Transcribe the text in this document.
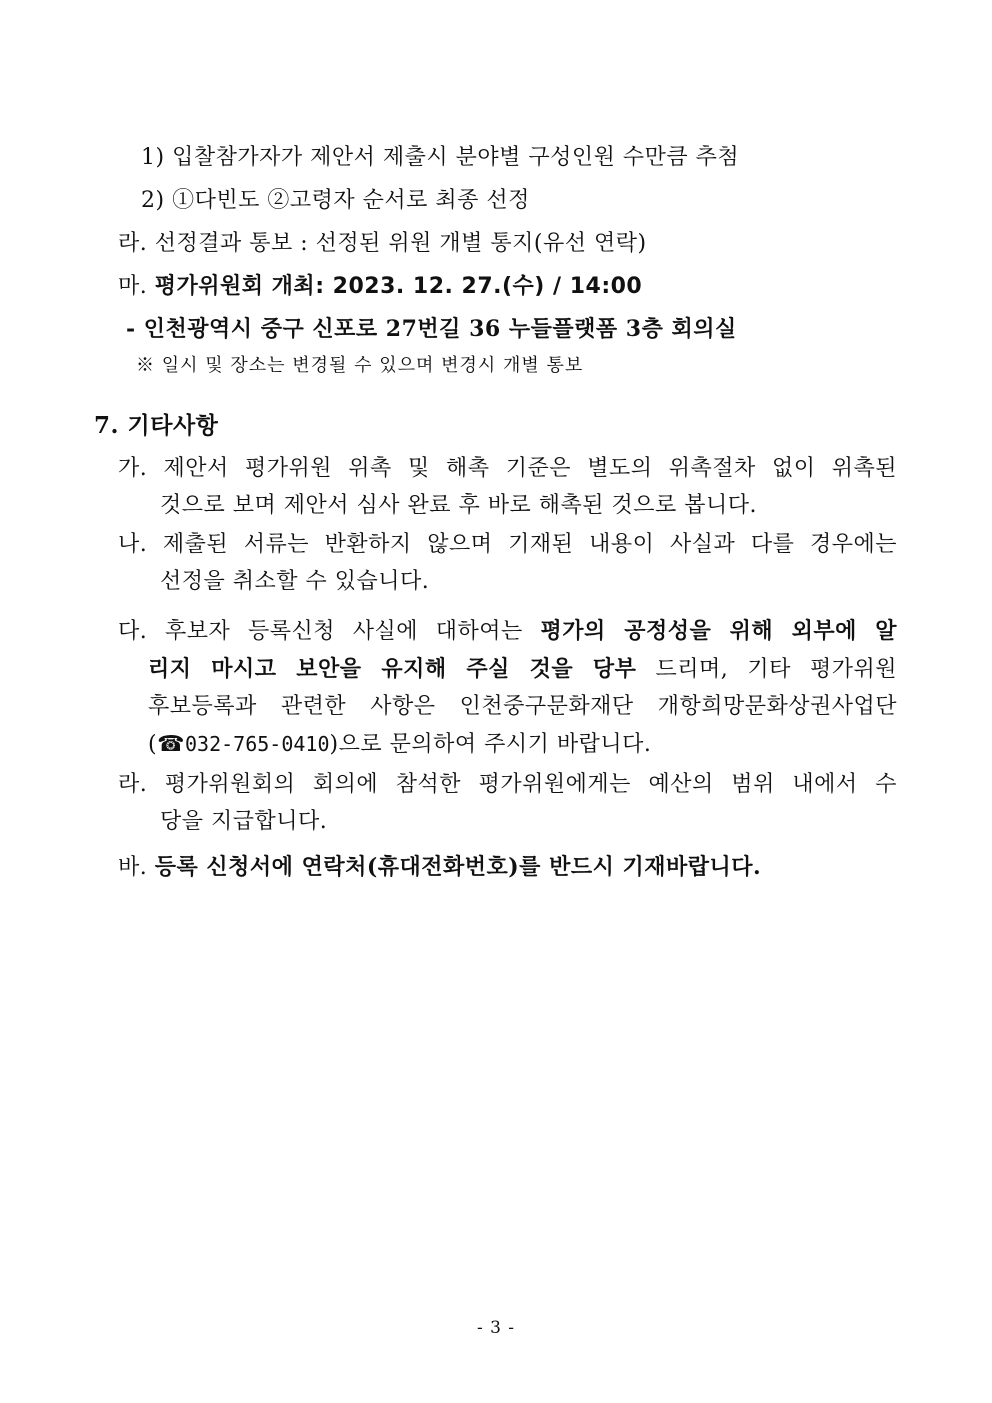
1) 입찰참가자가 제안서 제출시 분야별 구성인원 수만큼 추첨
2) ①다빈도 ②고령자 순서로 최종 선정
라. 선정결과 통보 : 선정된 위원 개별 통지(유선 연락)
마. 평가위원회 개최: 2023. 12. 27.(수) / 14:00
- 인천광역시 중구 신포로 27번길 36 누들플랫폼 3층 회의실
※ 일시 및 장소는 변경될 수 있으며 변경시 개별 통보
7. 기타사항
가. 제안서 평가위원 위촉 및 해촉 기준은 별도의 위촉절차 없이 위촉된
것으로 보며 제안서 심사 완료 후 바로 해촉된 것으로 봅니다.
나. 제출된 서류는 반환하지 않으며 기재된 내용이 사실과 다를 경우에는
선정을 취소할 수 있습니다.
다. 후보자 등록신청 사실에 대하여는 평가의 공정성을 위해 외부에 알
리지 마시고 보안을 유지해 주실 것을 당부 드리며, 기타 평가위원
후보등록과 관련한 사항은 인천중구문화재단 개항희망문화상권사업단
(☎032-765-0410)으로 문의하여 주시기 바랍니다.
라. 평가위원회의 회의에 참석한 평가위원에게는 예산의 범위 내에서 수
당을 지급합니다.
바. 등록 신청서에 연락처(휴대전화번호)를 반드시 기재바랍니다.
- 3 -
